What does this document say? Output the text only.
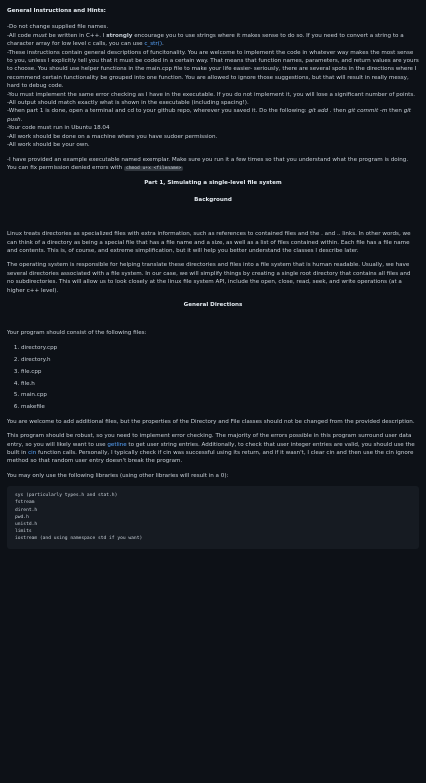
General Instructions and Hints:

-Do not change supplied file names.

-All code must be written in C++. I strongly encourage you to use strings where it makes sense to do so. If you need to convert a string to a character array for low level c calls, you can use c_str().

-These instructions contain general descriptions of funcitonality. You are welcome to implement the code in whatever way makes the most sense to you, unless I explicitly tell you that it must be coded in a certain way. That means that function names, parameters, and return values are yours to choose. You should use helper functions in the main.cpp file to make your life easier- seriously, there are several spots in the directions where I recommend certain functionality be grouped into one function. You are allowed to ignore those suggestions, but that will result in really messy, hard to debug code.

-You must implement the same error checking as I have in the executable. If you do not implement it, you will lose a significant number of points.

-All output should match exactly what is shown in the executable (including spacing!).

-When part 1 is done, open a terminal and cd to your github repo, wherever you saved it. Do the following: git add . then git commit -m then git push.

-Your code must run in Ubuntu 18.04

-All work should be done on a machine where you have sudoer permission.

-All work should be your own.

-I have provided an example executable named exemplar. Make sure you run it a few times so that you understand what the program is doing. You can fix permission denied errors with chmod u+x <filename>

Part 1, Simulating a single-level file system

Background

Linux treats directories as specialized files with extra information, such as references to contained files and the . and .. links. In other words, we can think of a directory as being a special file that has a file name and a size, as well as a list of files contained within. Each file has a file name and contents. This is, of course, and extreme simplification, but it will help you better understand the classes I describe later.

The operating system is responsible for helping translate these directories and files into a file system that is human readable. Usually, we have several directories associated with a file system. In our case, we will simplify things by creating a single root directory that contains all files and no subdirectories. This will allow us to look closely at the linux file system API, include the open, close, read, seek, and write operations (at a higher c++ level).

General Directions

Your program should consist of the following files:

1. directory.cpp
2. directory.h
3. file.cpp
4. file.h
5. main.cpp
6. makefile

You are welcome to add additional files, but the properties of the Directory and File classes should not be changed from the provided description.

This program should be robust, so you need to implement error checking. The majority of the errors possible in this program surround user data entry, so you will likely want to use getline to get user string entries. Additionally, to check that user integer entries are valid, you should use the built in cin function calls. Personally, I typically check if cin was successful using its return, and if it wasn't, I clear cin and then use the cin ignore method so that random user entry doesn't break the program.

You may only use the following libraries (using other libraries will result in a 0):

sys (particularly types.h and stat.h)
fstream
dirent.h
pwd.h
unistd.h
limits
iostream (and using namespace std if you want)
